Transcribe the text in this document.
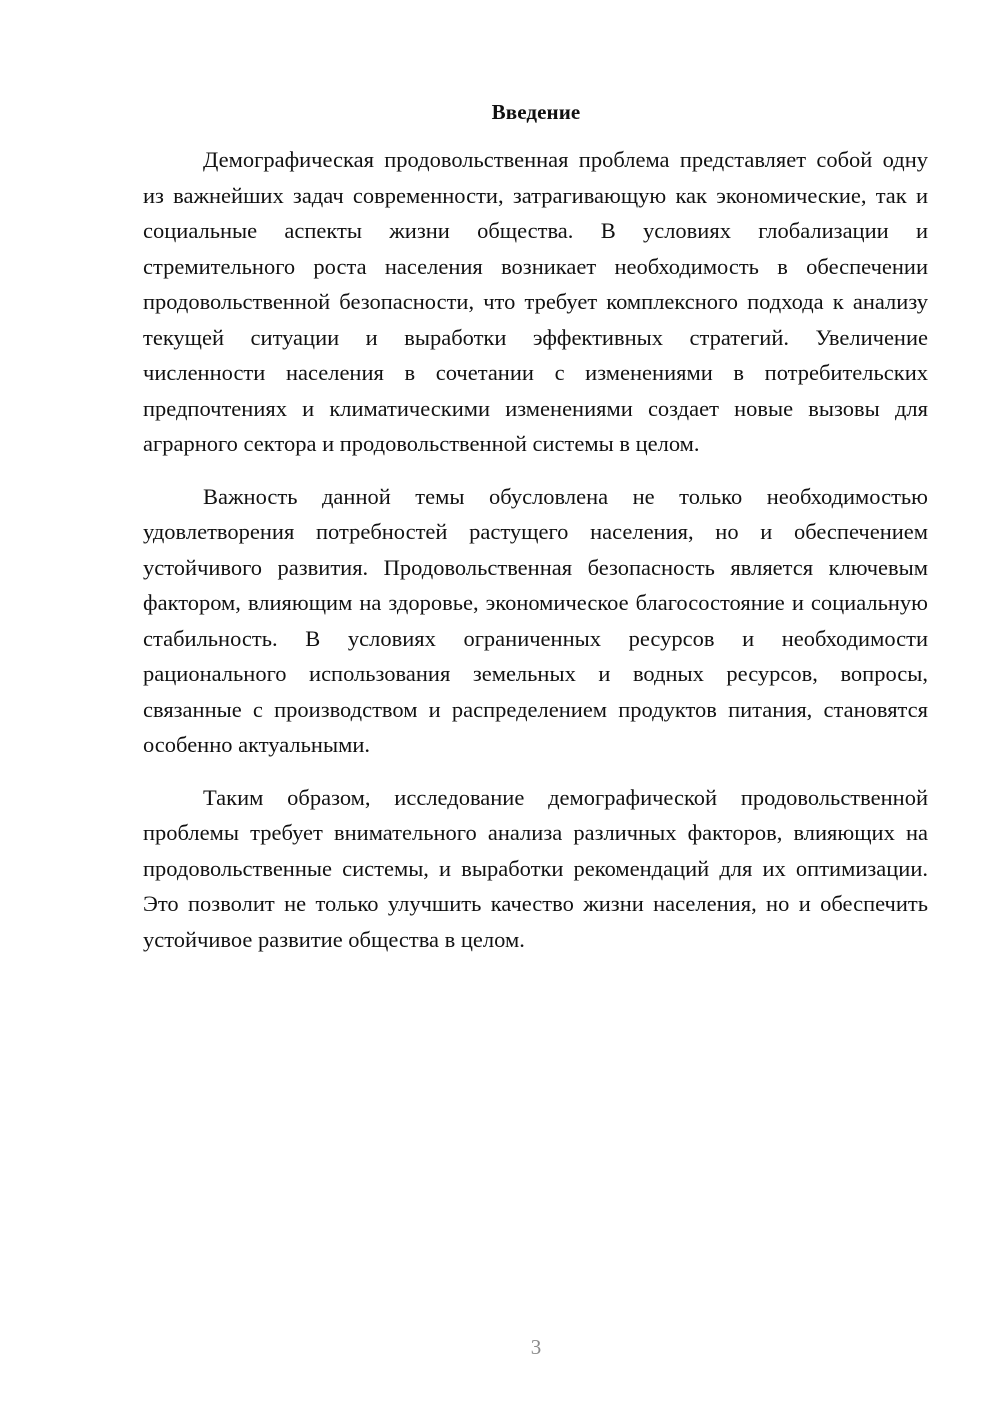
Введение

Демографическая продовольственная проблема представляет собой одну из важнейших задач современности, затрагивающую как экономические, так и социальные аспекты жизни общества. В условиях глобализации и стремительного роста населения возникает необходимость в обеспечении продовольственной безопасности, что требует комплексного подхода к анализу текущей ситуации и выработки эффективных стратегий. Увеличение численности населения в сочетании с изменениями в потребительских предпочтениях и климатическими изменениями создает новые вызовы для аграрного сектора и продовольственной системы в целом.

Важность данной темы обусловлена не только необходимостью удовлетворения потребностей растущего населения, но и обеспечением устойчивого развития. Продовольственная безопасность является ключевым фактором, влияющим на здоровье, экономическое благосостояние и социальную стабильность. В условиях ограниченных ресурсов и необходимости рационального использования земельных и водных ресурсов, вопросы, связанные с производством и распределением продуктов питания, становятся особенно актуальными.

Таким образом, исследование демографической продовольственной проблемы требует внимательного анализа различных факторов, влияющих на продовольственные системы, и выработки рекомендаций для их оптимизации. Это позволит не только улучшить качество жизни населения, но и обеспечить устойчивое развитие общества в целом.

3
